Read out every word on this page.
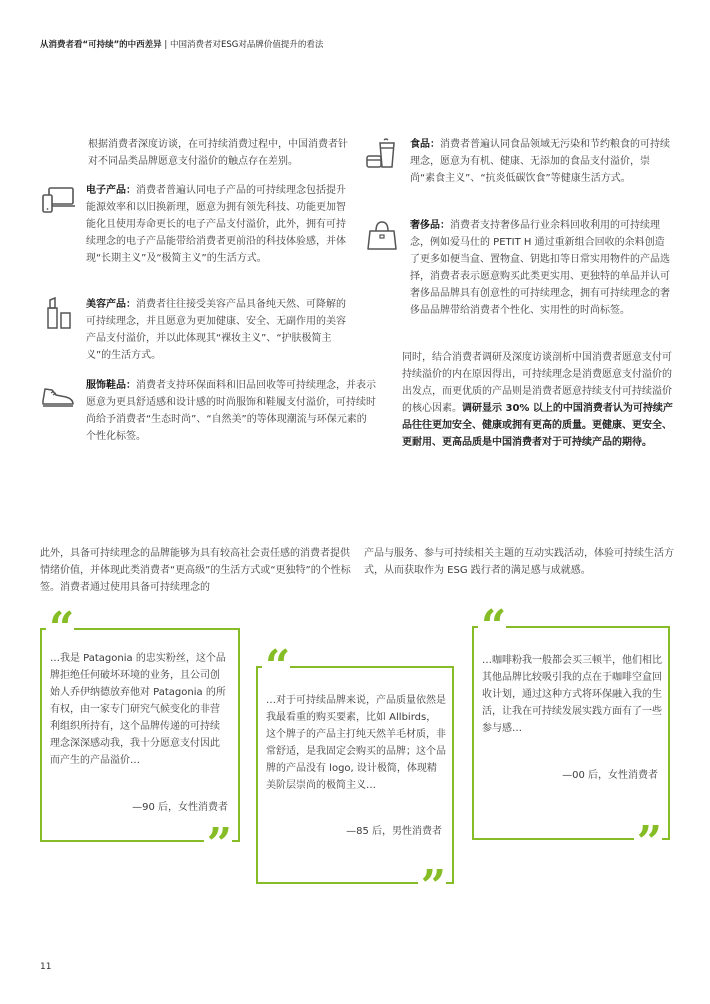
从消费者看“可持续”的中西差异 | 中国消费者对ESG对品牌价值提升的看法

根据消费者深度访谈，在可持续消费过程中，中国消费者针对不同品类品牌愿意支付溢价的触点存在差别。

电子产品：消费者普遍认同电子产品的可持续理念包括提升能源效率和以旧换新理，愿意为拥有领先科技、功能更加智能化且使用寿命更长的电子产品支付溢价，此外，拥有可持续理念的电子产品能带给消费者更前沿的科技体验感，并体现“长期主义”及“极简主义”的生活方式。
美容产品：消费者往往接受美容产品具备纯天然、可降解的可持续理念，并且愿意为更加健康、安全、无副作用的美容产品支付溢价，并以此体现其“裸妆主义”、“护肤极简主义”的生活方式。
服饰鞋品：消费者支持环保面料和旧品回收等可持续理念，并表示愿意为更具舒适感和设计感的时尚服饰和鞋履支付溢价，可持续时尚给予消费者“生态时尚”、“自然美”的等体现潮流与环保元素的个性化标签。
食品：消费者普遍认同食品领域无污染和节约粮食的可持续理念，愿意为有机、健康、无添加的食品支付溢价，崇尚“素食主义”、“抗炎低碳饮食”等健康生活方式。
奢侈品：消费者支持奢侈品行业余料回收利用的可持续理念，例如爱马仕的 PETIT H 通过重新组合回收的余料创造了更多如便当盒、置物盒、钥匙扣等日常实用物件的产品选择，消费者表示愿意购买此类更实用、更独特的单品并认可奢侈品品牌具有创意性的可持续理念，拥有可持续理念的奢侈品品牌带给消费者个性化、实用性的时尚标签。
同时，结合消费者调研及深度访谈剖析中国消费者愿意支付可持续溢价的内在原因得出，可持续理念是消费愿意支付溢价的出发点，而更优质的产品则是消费者愿意持续支付可持续溢价的核心因素。调研显示 30% 以上的中国消费者认为可持续产品往往更加安全、健康或拥有更高的质量。更健康、更安全、更耐用、更高品质是中国消费者对于可持续产品的期待。
此外，具备可持续理念的品牌能够为具有较高社会责任感的消费者提供情绪价值，并体现此类消费者“更高级”的生活方式或“更独特”的个性标签。消费者通过使用具备可持续理念的
产品与服务、参与可持续相关主题的互动实践活动，体验可持续生活方式，从而获取作为 ESG 践行者的满足感与成就感。
“
…我是 Patagonia 的忠实粉丝，这个品牌拒绝任何破坏环境的业务，且公司创始人乔伊纳德放弃他对 Patagonia 的所有权，由一家专门研究气候变化的非营利组织所持有，这个品牌传递的可持续理念深深感动我，我十分愿意支付因此而产生的产品溢价…
—90 后，女性消费者
”
“
…对于可持续品牌来说，产品质量依然是我最看重的购买要素，比如 Allbirds，这个牌子的产品主打纯天然羊毛材质，非常舒适，是我固定会购买的品牌；这个品牌的产品没有 logo, 设计极简，体现精美阶层崇尚的极简主义…
—85 后，男性消费者
”
“
…咖啡粉我一般都会买三顿半，他们相比其他品牌比较吸引我的点在于咖啡空盒回收计划，通过这种方式将环保融入我的生活，让我在可持续发展实践方面有了一些参与感…
—00 后，女性消费者
”
11
